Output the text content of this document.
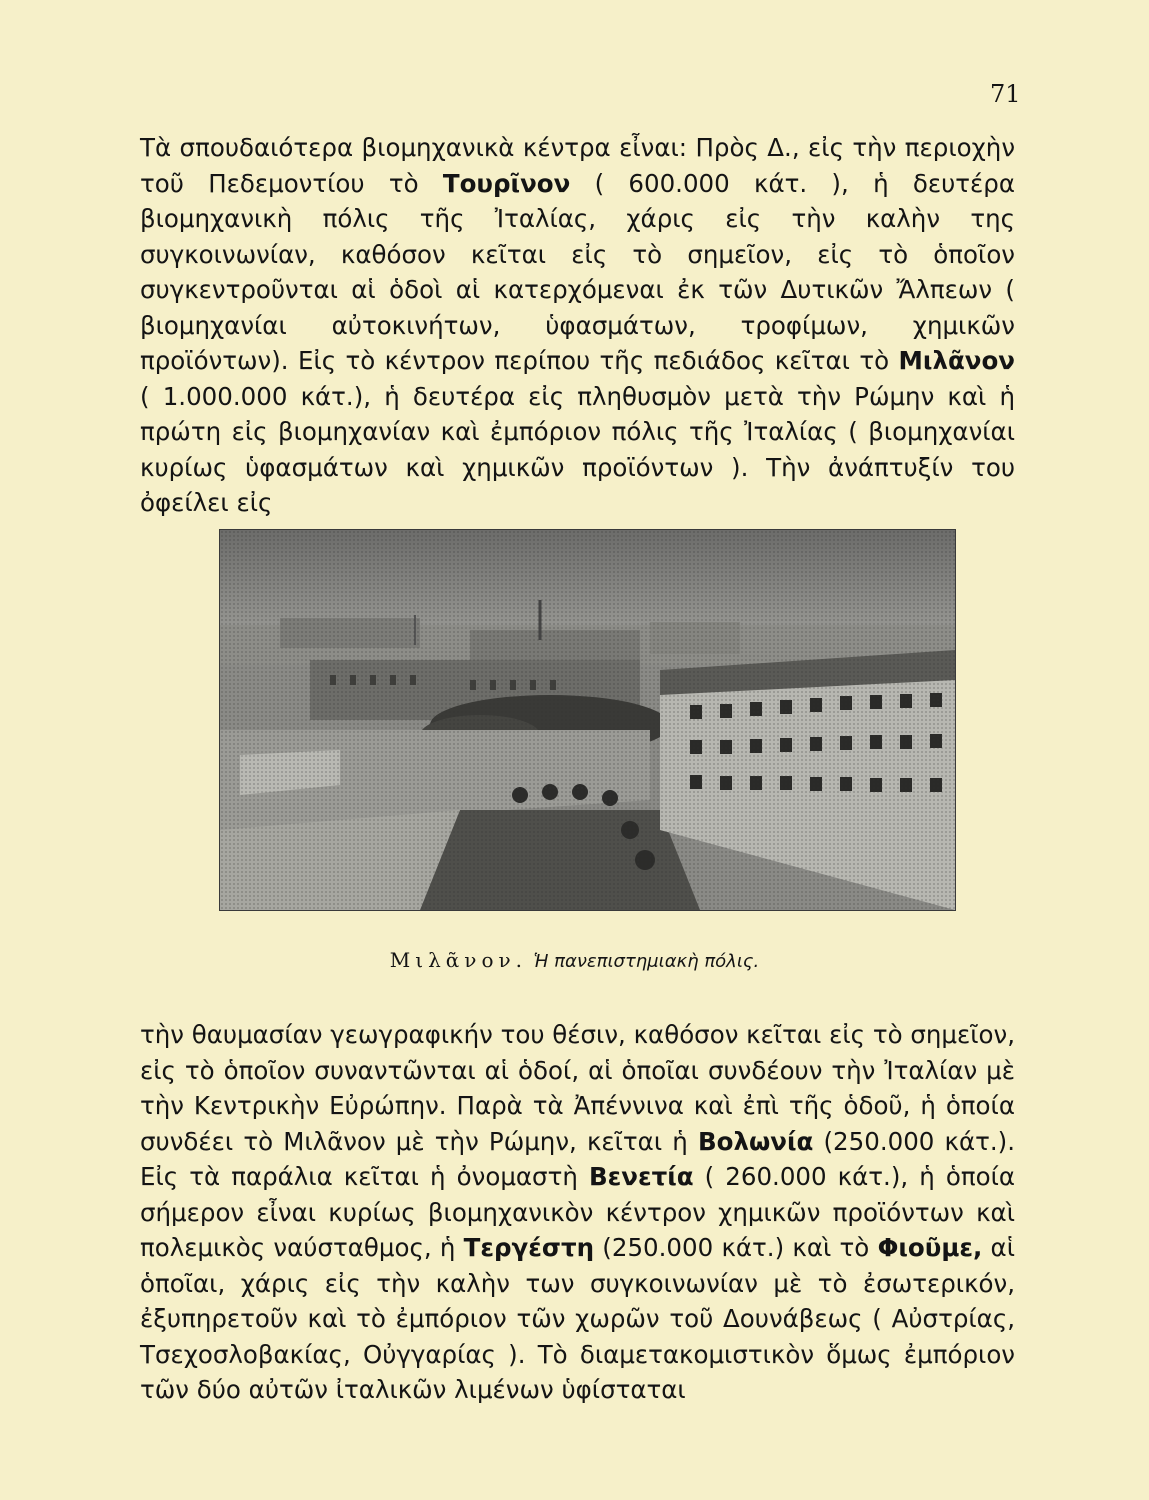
71

Τὰ σπουδαιότερα βιομηχανικὰ κέντρα εἶναι: Πρὸς Δ., εἰς τὴν περιοχὴν τοῦ Πεδεμοντίου τὸ Τουρῖνον ( 600.000 κάτ. ), ἡ δευτέρα βιομηχανικὴ πόλις τῆς Ἰταλίας, χάρις εἰς τὴν καλὴν της συγκοινωνίαν, καθόσον κεῖται εἰς τὸ σημεῖον, εἰς τὸ ὁποῖον συγκεντροῦνται αἱ ὁδοὶ αἱ κατερχόμεναι ἐκ τῶν Δυτικῶν Ἄλπεων ( βιομηχανίαι αὐτοκινήτων, ὑφασμάτων, τροφίμων, χημικῶν προϊόντων). Εἰς τὸ κέντρον περίπου τῆς πεδιάδος κεῖται τὸ Μιλᾶνον ( 1.000.000 κάτ.), ἡ δευτέρα εἰς πληθυσμὸν μετὰ τὴν Ρώμην καὶ ἡ πρώτη εἰς βιομηχανίαν καὶ ἐμπόριον πόλις τῆς Ἰταλίας ( βιομηχανίαι κυρίως ὑφασμάτων καὶ χημικῶν προϊόντων ). Τὴν ἀνάπτυξίν του ὀφείλει εἰς

Μιλᾶνον. Ἡ πανεπιστημιακὴ πόλις.

τὴν θαυμασίαν γεωγραφικήν του θέσιν, καθόσον κεῖται εἰς τὸ σημεῖον, εἰς τὸ ὁποῖον συναντῶνται αἱ ὁδοί, αἱ ὁποῖαι συνδέουν τὴν Ἰταλίαν μὲ τὴν Κεντρικὴν Εὐρώπην. Παρὰ τὰ Ἀπέννινα καὶ ἐπὶ τῆς ὁδοῦ, ἡ ὁποία συνδέει τὸ Μιλᾶνον μὲ τὴν Ρώμην, κεῖται ἡ Βολωνία (250.000 κάτ.). Εἰς τὰ παράλια κεῖται ἡ ὀνομαστὴ Βενετία ( 260.000 κάτ.), ἡ ὁποία σήμερον εἶναι κυρίως βιομηχανικὸν κέντρον χημικῶν προϊόντων καὶ πολεμικὸς ναύσταθμος, ἡ Τεργέστη (250.000 κάτ.) καὶ τὸ Φιοῦμε, αἱ ὁποῖαι, χάρις εἰς τὴν καλὴν των συγκοινωνίαν μὲ τὸ ἐσωτερικόν, ἐξυπηρετοῦν καὶ τὸ ἐμπόριον τῶν χωρῶν τοῦ Δουνάβεως ( Αὐστρίας, Τσεχοσλοβακίας, Οὐγγαρίας ). Τὸ διαμετακομιστικὸν ὅμως ἐμπόριον τῶν δύο αὐτῶν ἰταλικῶν λιμένων ὑφίσταται
